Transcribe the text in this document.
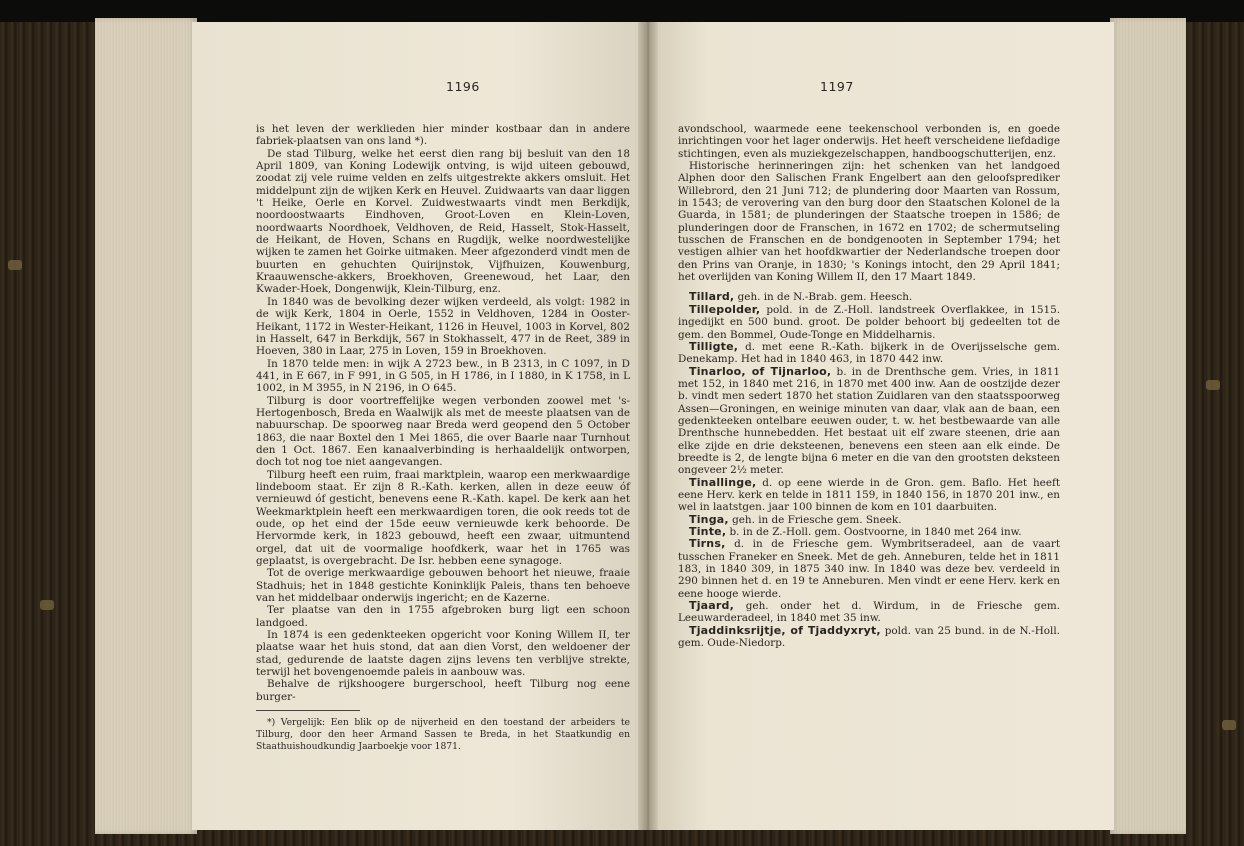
1196	1197

is het leven der werklieden hier minder kostbaar dan in andere fabriek-plaatsen van ons land *).

De stad Tilburg, welke het eerst dien rang bij besluit van den 18 April 1809, van Koning Lodewijk ontving, is wijd uiteen gebouwd, zoodat zij vele ruime velden en zelfs uitgestrekte akkers omsluit. Het middelpunt zijn de wijken Kerk en Heuvel. Zuidwaarts van daar liggen 't Heike, Oerle en Korvel. Zuidwestwaarts vindt men Berkdijk, noordoostwaarts Eindhoven, Groot-Loven en Klein-Loven, noordwaarts Noordhoek, Veldhoven, de Reid, Hasselt, Stok-Hasselt, de Heikant, de Hoven, Schans en Rugdijk, welke noordwestelijke wijken te zamen het Goirke uitmaken. Meer afgezonderd vindt men de buurten en gehuchten Quirijnstok, Vijfhuizen, Kouwenburg, Kraauwensche-akkers, Broekhoven, Greenewoud, het Laar, den Kwader-Hoek, Dongenwijk, Klein-Tilburg, enz.

In 1840 was de bevolking dezer wijken verdeeld, als volgt: 1982 in de wijk Kerk, 1804 in Oerle, 1552 in Veldhoven, 1284 in Ooster-Heikant, 1172 in Wester-Heikant, 1126 in Heuvel, 1003 in Korvel, 802 in Hasselt, 647 in Berkdijk, 567 in Stokhasselt, 477 in de Reet, 389 in Hoeven, 380 in Laar, 275 in Loven, 159 in Broekhoven.

In 1870 telde men: in wijk A 2723 bew., in B 2313, in C 1097, in D 441, in E 667, in F 991, in G 505, in H 1786, in I 1880, in K 1758, in L 1002, in M 3955, in N 2196, in O 645.

Tilburg is door voortreffelijke wegen verbonden zoowel met 's-Hertogenbosch, Breda en Waalwijk als met de meeste plaatsen van de nabuurschap. De spoorweg naar Breda werd geopend den 5 October 1863, die naar Boxtel den 1 Mei 1865, die over Baarle naar Turnhout den 1 Oct. 1867. Een kanaalverbinding is herhaaldelijk ontworpen, doch tot nog toe niet aangevangen.

Tilburg heeft een ruim, fraai marktplein, waarop een merkwaardige lindeboom staat. Er zijn 8 R.-Kath. kerken, allen in deze eeuw óf vernieuwd óf gesticht, benevens eene R.-Kath. kapel. De kerk aan het Weekmarktplein heeft een merkwaardigen toren, die ook reeds tot de oude, op het eind der 15de eeuw vernieuwde kerk behoorde. De Hervormde kerk, in 1823 gebouwd, heeft een zwaar, uitmuntend orgel, dat uit de voormalige hoofdkerk, waar het in 1765 was geplaatst, is overgebracht. De Isr. hebben eene synagoge.

Tot de overige merkwaardige gebouwen behoort het nieuwe, fraaie Stadhuis; het in 1848 gestichte Koninklijk Paleis, thans ten behoeve van het middelbaar onderwijs ingericht; en de Kazerne.

Ter plaatse van den in 1755 afgebroken burg ligt een schoon landgoed.

In 1874 is een gedenkteeken opgericht voor Koning Willem II, ter plaatse waar het huis stond, dat aan dien Vorst, den weldoener der stad, gedurende de laatste dagen zijns levens ten verblijve strekte, terwijl het bovengenoemde paleis in aanbouw was.

Behalve de rijkshoogere burgerschool, heeft Tilburg nog eene burger-

*) Vergelijk: Een blik op de nijverheid en den toestand der arbeiders te Tilburg, door den heer Armand Sassen te Breda, in het Staatkundig en Staathuishoudkundig Jaarboekje voor 1871.

avondschool, waarmede eene teekenschool verbonden is, en goede inrichtingen voor het lager onderwijs. Het heeft verscheidene liefdadige stichtingen, even als muziekgezelschappen, handboogschutterijen, enz.

Historische herinneringen zijn: het schenken van het landgoed Alphen door den Salischen Frank Engelbert aan den geloofsprediker Willebrord, den 21 Juni 712; de plundering door Maarten van Rossum, in 1543; de verovering van den burg door den Staatschen Kolonel de la Guarda, in 1581; de plunderingen der Staatsche troepen in 1586; de plunderingen door de Franschen, in 1672 en 1702; de schermutseling tusschen de Franschen en de bondgenooten in September 1794; het vestigen alhier van het hoofdkwartier der Nederlandsche troepen door den Prins van Oranje, in 1830; 's Konings intocht, den 29 April 1841; het overlijden van Koning Willem II, den 17 Maart 1849.

Tillard, geh. in de N.-Brab. gem. Heesch.

Tillepolder, pold. in de Z.-Holl. landstreek Overflakkee, in 1515. ingedijkt en 500 bund. groot. De polder behoort bij gedeelten tot de gem. den Bommel, Oude-Tonge en Middelharnis.

Tilligte, d. met eene R.-Kath. bijkerk in de Overijsselsche gem. Denekamp. Het had in 1840 463, in 1870 442 inw.

Tinarloo, of Tijnarloo, b. in de Drenthsche gem. Vries, in 1811 met 152, in 1840 met 216, in 1870 met 400 inw. Aan de oostzijde dezer b. vindt men sedert 1870 het station Zuidlaren van den staatsspoorweg Assen—Groningen, en weinige minuten van daar, vlak aan de baan, een gedenkteeken ontelbare eeuwen ouder, t. w. het bestbewaarde van alle Drenthsche hunnebedden. Het bestaat uit elf zware steenen, drie aan elke zijde en drie deksteenen, benevens een steen aan elk einde. De breedte is 2, de lengte bijna 6 meter en die van den grootsten deksteen ongeveer 2½ meter.

Tinallinge, d. op eene wierde in de Gron. gem. Baflo. Het heeft eene Herv. kerk en telde in 1811 159, in 1840 156, in 1870 201 inw., en wel in laatstgen. jaar 100 binnen de kom en 101 daarbuiten.

Tinga, geh. in de Friesche gem. Sneek.

Tinte, b. in de Z.-Holl. gem. Oostvoorne, in 1840 met 264 inw.

Tirns, d. in de Friesche gem. Wymbritseradeel, aan de vaart tusschen Franeker en Sneek. Met de geh. Anneburen, telde het in 1811 183, in 1840 309, in 1875 340 inw. In 1840 was deze bev. verdeeld in 290 binnen het d. en 19 te Anneburen. Men vindt er eene Herv. kerk en eene hooge wierde.

Tjaard, geh. onder het d. Wirdum, in de Friesche gem. Leeuwarderadeel, in 1840 met 35 inw.

Tjaddinksrijtje, of Tjaddyxryt, pold. van 25 bund. in de N.-Holl. gem. Oude-Niedorp.
